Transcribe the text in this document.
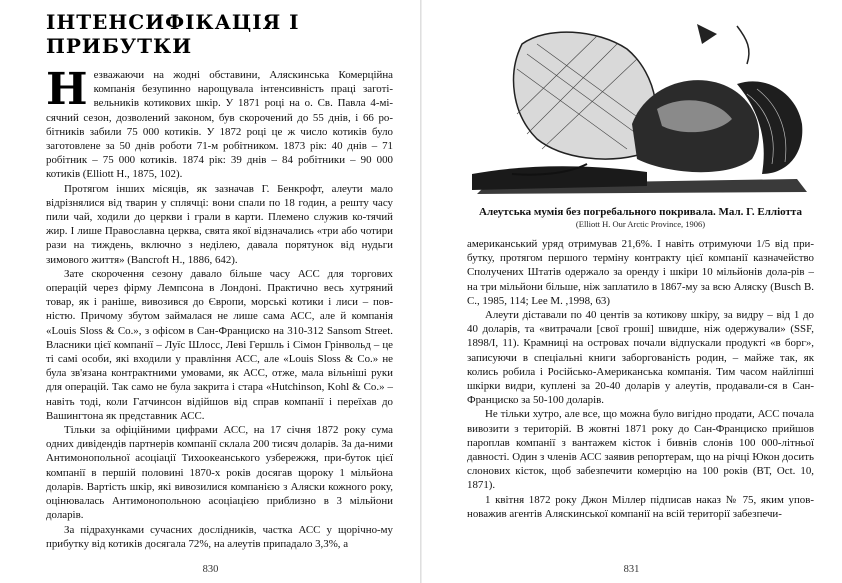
ІНТЕНСИФІКАЦІЯ І ПРИБУТКИ

Незважаючи на жодні обставини, Аляскинська Комерційна компанія безупинно нарощувала інтенсивність праці заготі-вельників котикових шкір. У 1871 році на о. Св. Павла 4-мі-сячний сезон, дозволений законом, був скорочений до 55 днів, і 66 ро-бітників забили 75 000 котиків. У 1872 році це ж число котиків було заготовлене за 50 днів роботи 71-м робітником. 1873 рік: 40 днів – 71 робітник – 75 000 котиків. 1874 рік: 39 днів – 84 робітники – 90 000 котиків (Elliott H., 1875, 102).

Протягом інших місяців, як зазначав Г. Бенкрофт, алеути мало відрізнялися від тварин у сплячці: вони спали по 18 годин, а решту часу пили чай, ходили до церкви і грали в карти. Племено служив ко-тячий жир. І лише Православна церква, свята якої відзначались «три або чотири рази на тиждень, включно з неділею, давала порятунок від нудьги зимового життя» (Bancroft H., 1886, 642).

Зате скорочення сезону давало більше часу АСС для торгових операцій через фірму Лемпсона в Лондоні. Практично весь хутряний товар, як і раніше, вивозився до Європи, морські котики і лиси – пов-ністю. Причому збутом займалася не лише сама АСС, але й компанія «Louis Sloss & Co.», з офісом в Сан-Франциско на 310-312 Sansom Street. Власники цієї компанії – Луїс Шлосс, Леві Гершль і Сімон Грінвольд – це ті самі особи, які входили у правління АСС, але «Louis Sloss & Co.» не була зв'язана контрактними умовами, як АСС, отже, мала вільніші руки для операцій. Так само не була закрита і стара «Hutchinson, Kohl & Co.» – навіть тоді, коли Гатчинсон відійшов від справ компанії і переїхав до Вашингтона як представник АСС.

Тільки за офіційними цифрами АСС, на 17 січня 1872 року сума одних дивідендів партнерів компанії склала 200 тисяч доларів. За да-ними Антимонопольної асоціації Тихоокеанського узбережжя, при-буток цієї компанії в першій половині 1870-х років досягав щороку 1 мільйона доларів. Вартість шкір, які вивозилися компанією з Аляски кожного року, оцінювалась Антимонопольною асоціацією приблизно в 3 мільйони доларів.

За підрахунками сучасних дослідників, частка АСС у щорічно-му прибутку від котиків досягала 72%, на алеутів припадало 3,3%, а

830
Алеутська мумія без погребального покривала. Мал. Г. Елліотта
(Elliott H. Our Arctic Province, 1906)

американський уряд отримував 21,6%. І навіть отримуючи 1/5 від при-бутку, протягом першого терміну контракту цієї компанії казначейство Сполучених Штатів одержало за оренду і шкіри 10 мільйонів дола-рів – на три мільйони більше, ніж заплатило в 1867-му за всю Аляску (Busch B. C., 1985, 114; Lee M. ,1998, 63)

Алеути діставали по 40 центів за котикову шкіру, за видру – від 1 до 40 доларів, та «витрачали [свої гроші] швидше, ніж одержували» (SSF, 1898/I, 11). Крамниці на островах почали відпускали продукті «в борг», записуючи в спеціальні книги заборгованість родин, – майже так, як колись робила і Російсько-Американська компанія. Тим часом найліпші шкірки видри, куплені за 20-40 доларів у алеутів, продавали-ся в Сан-Франциско за 50-100 доларів.

Не тільки хутро, але все, що можна було вигідно продати, АСС почала вивозити з територій. В жовтні 1871 року до Сан-Франциско прийшов пароплав компанії з вантажем кісток і бивнів слонів 100 000-літньої давності. Один з членів АСС заявив репортерам, що на річці Юкон досить слонових кісток, щоб забезпечити комерцію на 100 років (ВТ, Oct. 10, 1871).

1 квітня 1872 року Джон Міллер підписав наказ № 75, яким упов-новажив агентів Аляскинської компанії на всій території забезпечи-

831
